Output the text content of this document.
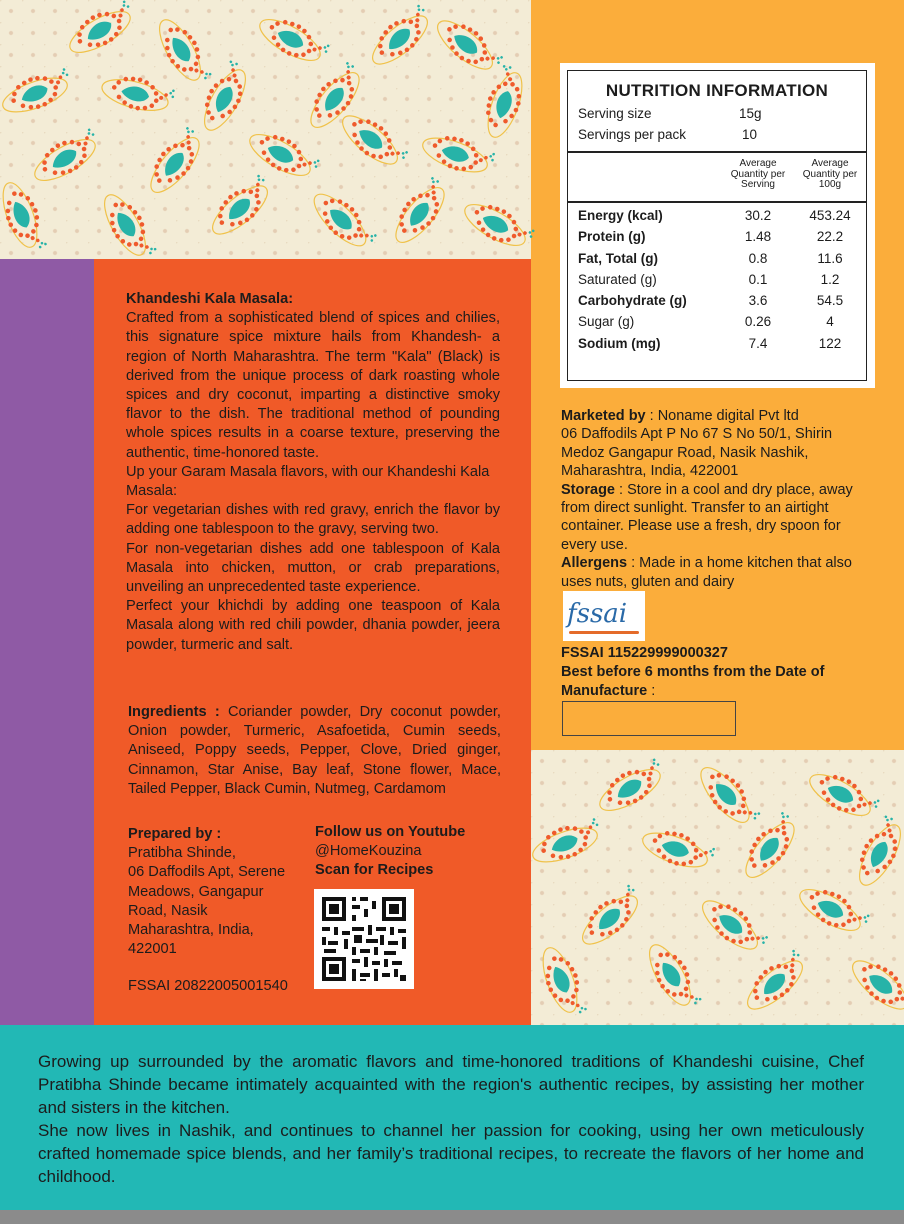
NUTRITION INFORMATION
Serving size	15g
Servings per pack	10
Average Quantity per Serving
Average Quantity per 100g
Energy (kcal)	30.2	453.24
Protein (g)	1.48	22.2
Fat, Total (g)	0.8	11.6
Saturated (g)	0.1	1.2
Carbohydrate (g)	3.6	54.5
Sugar (g)	0.26	4
Sodium (mg)	7.4	122
Marketed by : Noname digital Pvt ltd
06 Daffodils Apt P No 67 S No 50/1, Shirin Medoz Gangapur Road, Nasik Nashik, Maharashtra, India, 422001
Storage : Store in a cool and dry place, away from direct sunlight. Transfer to an airtight container. Please use a fresh, dry spoon for every use.
Allergens : Made in a home kitchen that also uses nuts, gluten and dairy
fssai
FSSAI 115229999000327
Best before 6 months from the Date of Manufacture :
Khandeshi Kala Masala:
Crafted from a sophisticated blend of spices and chilies, this signature spice mixture hails from Khandesh- a region of North Maharashtra. The term "Kala" (Black) is derived from the unique process of dark roasting whole spices and dry coconut, imparting a distinctive smoky flavor to the dish. The traditional method of pounding whole spices results in a coarse texture, preserving the authentic, time-honored taste.
Up your Garam Masala flavors, with our Khandeshi Kala Masala:
For vegetarian dishes with red gravy, enrich the flavor by adding one tablespoon to the gravy, serving two.
For non-vegetarian dishes add one tablespoon of Kala Masala into chicken, mutton, or crab preparations, unveiling an unprecedented taste experience.
Perfect your khichdi by adding one teaspoon of Kala Masala along with red chili powder, dhania powder, jeera powder, turmeric and salt.
Ingredients : Coriander powder, Dry coconut powder, Onion powder, Turmeric, Asafoetida, Cumin seeds, Aniseed, Poppy seeds, Pepper, Clove, Dried ginger, Cinnamon, Star Anise, Bay leaf, Stone flower, Mace, Tailed Pepper, Black Cumin, Nutmeg, Cardamom
Prepared by :
Pratibha Shinde,
06 Daffodils Apt, Serene
Meadows, Gangapur
Road, Nasik
Maharashtra, India,
422001
FSSAI 20822005001540
Follow us on Youtube
@HomeKouzina
Scan for Recipes
Growing up surrounded by the aromatic flavors and time-honored traditions of Khandeshi cuisine, Chef Pratibha Shinde became intimately acquainted with the region's authentic recipes, by assisting her mother and sisters in the kitchen.
She now lives in Nashik, and continues to channel her passion for cooking, using her own meticulously crafted homemade spice blends, and her family’s traditional recipes, to recreate the flavors of her home and childhood.
